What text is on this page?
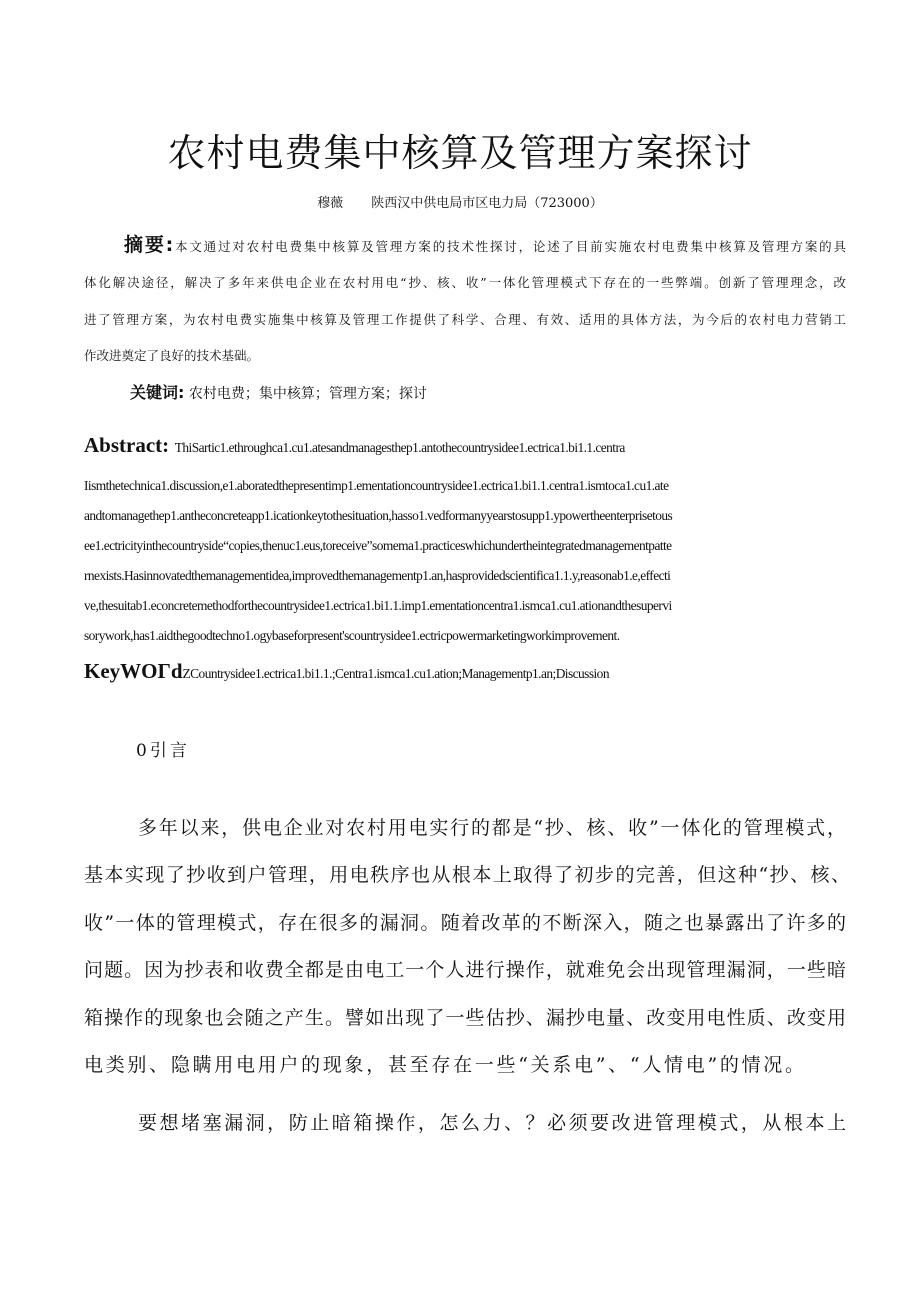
农村电费集中核算及管理方案探讨
穆薇 陕西汉中供电局市区电力局（723000）
摘要:本文通过对农村电费集中核算及管理方案的技术性探讨，论述了目前实施农村电费集中核算及管理方案的具
体化解决途径，解决了多年来供电企业在农村用电“抄、核、收”一体化管理模式下存在的一些弊端。创新了管理理念，改
进了管理方案，为农村电费实施集中核算及管理工作提供了科学、合理、有效、适用的具体方法，为今后的农村电力营销工
作改进奠定了良好的技术基础。
关键词: 农村电费；集中核算；管理方案；探讨
Abstract: ThiSartic1.ethroughca1.cu1.atesandmanagesthep1.antothecountrysidee1.ectrica1.bi1.1.centra
Iismthetechnica1.discussion,e1.aboratedthepresentimp1.ementationcountrysidee1.ectrica1.bi1.1.centra1.ismtoca1.cu1.ate
andtomanagethep1.antheconcreteapp1.icationkeytothesituation,hasso1.vedformanyyearstosupp1.ypowertheenterprisetous
ee1.ectricityinthecountryside“copies,thenuc1.eus,toreceive”somema1.practiceswhichundertheintegratedmanagementpatte
rnexists.Hasinnovatedthemanagementidea,improvedthemanagementp1.an,hasprovidedscientifica1.1.y,reasonab1.e,effecti
ve,thesuitab1.econcretemethodforthecountrysidee1.ectrica1.bi1.1.imp1.ementationcentra1.ismca1.cu1.ationandthesupervi
sorywork,has1.aidthegoodtechno1.ogybaseforpresent'scountrysidee1.ectricpowermarketingworkimprovement.
KeyWOΓdZCountrysidee1.ectrica1.bi1.1.;Centra1.ismca1.cu1.ation;Managementp1.an;Discussion
0引言
多年以来，供电企业对农村用电实行的都是“抄、核、收”一体化的管理模式，
基本实现了抄收到户管理，用电秩序也从根本上取得了初步的完善，但这种“抄、核、
收”一体的管理模式，存在很多的漏洞。随着改革的不断深入，随之也暴露出了许多的
问题。因为抄表和收费全都是由电工一个人进行操作，就难免会出现管理漏洞，一些暗
箱操作的现象也会随之产生。譬如出现了一些估抄、漏抄电量、改变用电性质、改变用
电类别、隐瞒用电用户的现象，甚至存在一些“关系电”、“人情电”的情况。
要想堵塞漏洞，防止暗箱操作，怎么力、？必须要改进管理模式，从根本上
